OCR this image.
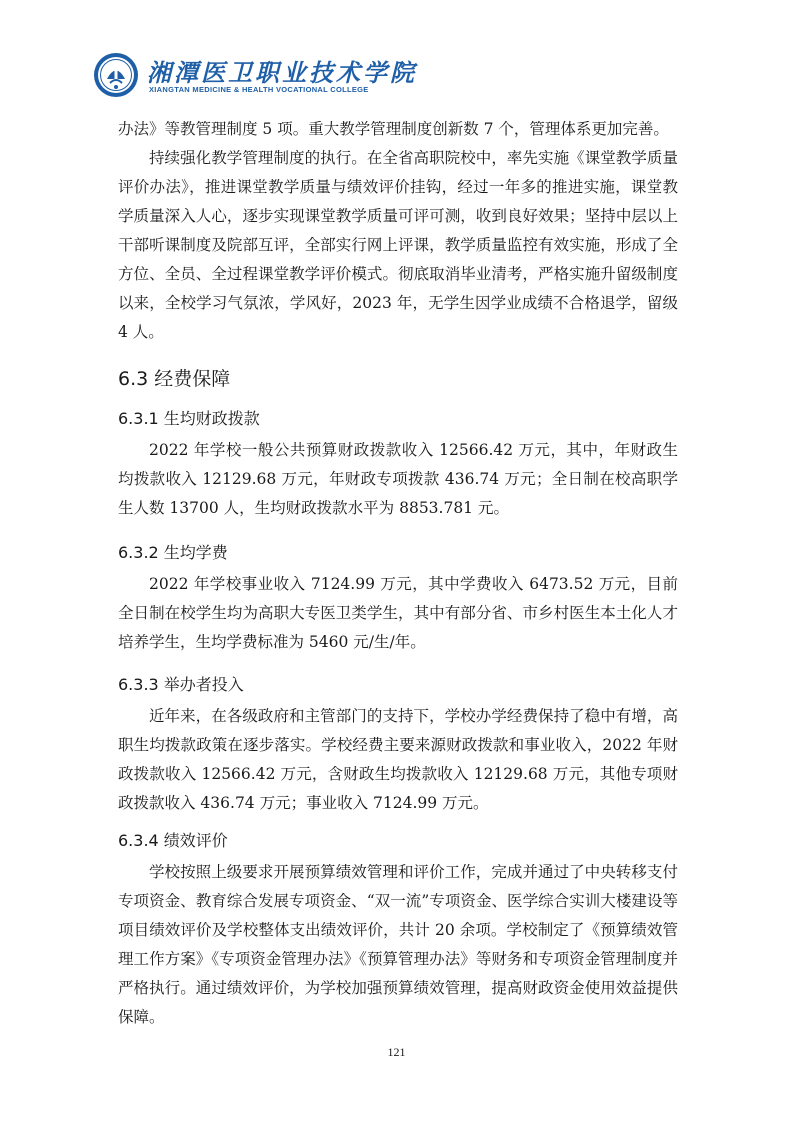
湘潭医卫职业技术学院
XIANGTAN MEDICINE & HEALTH VOCATIONAL COLLEGE

办法》等教管理制度 5 项。重大教学管理制度创新数 7 个，管理体系更加完善。

持续强化教学管理制度的执行。在全省高职院校中，率先实施《课堂教学质量评价办法》，推进课堂教学质量与绩效评价挂钩，经过一年多的推进实施，课堂教学质量深入人心，逐步实现课堂教学质量可评可测，收到良好效果；坚持中层以上干部听课制度及院部互评，全部实行网上评课，教学质量监控有效实施，形成了全方位、全员、全过程课堂教学评价模式。彻底取消毕业清考，严格实施升留级制度以来，全校学习气氛浓，学风好，2023 年，无学生因学业成绩不合格退学，留级 4 人。

6.3 经费保障
6.3.1 生均财政拨款

2022 年学校一般公共预算财政拨款收入 12566.42 万元，其中，年财政生均拨款收入 12129.68 万元，年财政专项拨款 436.74 万元；全日制在校高职学生人数 13700 人，生均财政拨款水平为 8853.781 元。

6.3.2 生均学费

2022 年学校事业收入 7124.99 万元，其中学费收入 6473.52 万元，目前全日制在校学生均为高职大专医卫类学生，其中有部分省、市乡村医生本土化人才培养学生，生均学费标准为 5460 元/生/年。

6.3.3 举办者投入

近年来，在各级政府和主管部门的支持下，学校办学经费保持了稳中有增，高职生均拨款政策在逐步落实。学校经费主要来源财政拨款和事业收入，2022 年财政拨款收入 12566.42 万元，含财政生均拨款收入 12129.68 万元，其他专项财政拨款收入 436.74 万元；事业收入 7124.99 万元。

6.3.4 绩效评价

学校按照上级要求开展预算绩效管理和评价工作，完成并通过了中央转移支付专项资金、教育综合发展专项资金、“双一流”专项资金、医学综合实训大楼建设等项目绩效评价及学校整体支出绩效评价，共计 20 余项。学校制定了《预算绩效管理工作方案》《专项资金管理办法》《预算管理办法》等财务和专项资金管理制度并严格执行。通过绩效评价，为学校加强预算绩效管理，提高财政资金使用效益提供保障。

121
